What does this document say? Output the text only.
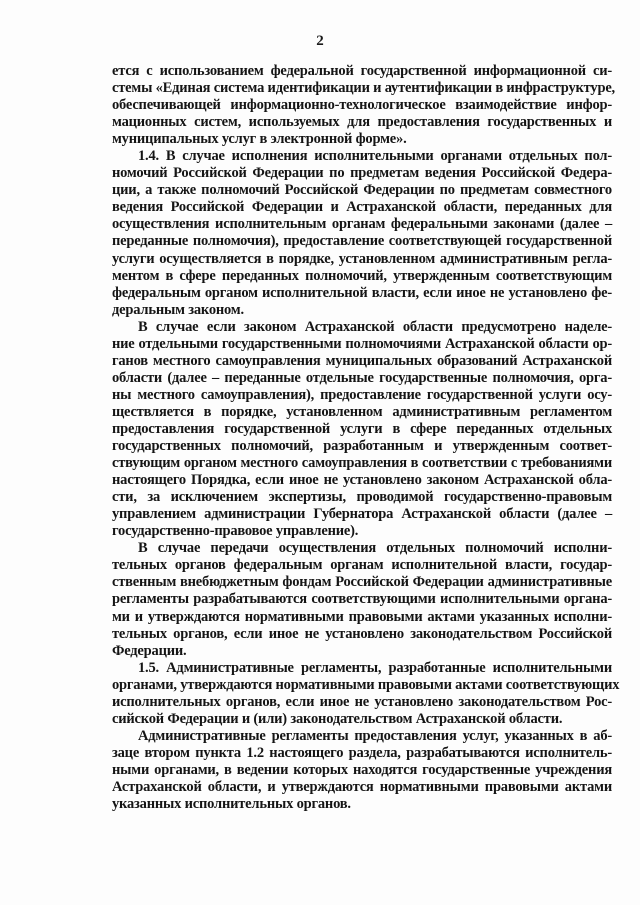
2
ется с использованием федеральной государственной информационной си-
стемы «Единая система идентификации и аутентификации в инфраструктуре,
обеспечивающей информационно-технологическое взаимодействие инфор-
мационных систем, используемых для предоставления государственных и
муниципальных услуг в электронной форме».
1.4. В случае исполнения исполнительными органами отдельных пол-
номочий Российской Федерации по предметам ведения Российской Федера-
ции, а также полномочий Российской Федерации по предметам совместного
ведения Российской Федерации и Астраханской области, переданных для
осуществления исполнительным органам федеральными законами (далее –
переданные полномочия), предоставление соответствующей государственной
услуги осуществляется в порядке, установленном административным регла-
ментом в сфере переданных полномочий, утвержденным соответствующим
федеральным органом исполнительной власти, если иное не установлено фе-
деральным законом.
В случае если законом Астраханской области предусмотрено наделе-
ние отдельными государственными полномочиями Астраханской области ор-
ганов местного самоуправления муниципальных образований Астраханской
области (далее – переданные отдельные государственные полномочия, орга-
ны местного самоуправления), предоставление государственной услуги осу-
ществляется в порядке, установленном административным регламентом
предоставления государственной услуги в сфере переданных отдельных
государственных полномочий, разработанным и утвержденным соответ-
ствующим органом местного самоуправления в соответствии с требованиями
настоящего Порядка, если иное не установлено законом Астраханской обла-
сти, за исключением экспертизы, проводимой государственно-правовым
управлением администрации Губернатора Астраханской области (далее –
государственно-правовое управление).
В случае передачи осуществления отдельных полномочий исполни-
тельных органов федеральным органам исполнительной власти, государ-
ственным внебюджетным фондам Российской Федерации административные
регламенты разрабатываются соответствующими исполнительными органа-
ми и утверждаются нормативными правовыми актами указанных исполни-
тельных органов, если иное не установлено законодательством Российской
Федерации.
1.5. Административные регламенты, разработанные исполнительными
органами, утверждаются нормативными правовыми актами соответствующих
исполнительных органов, если иное не установлено законодательством Рос-
сийской Федерации и (или) законодательством Астраханской области.
Административные регламенты предоставления услуг, указанных в аб-
заце втором пункта 1.2 настоящего раздела, разрабатываются исполнитель-
ными органами, в ведении которых находятся государственные учреждения
Астраханской области, и утверждаются нормативными правовыми актами
указанных исполнительных органов.
